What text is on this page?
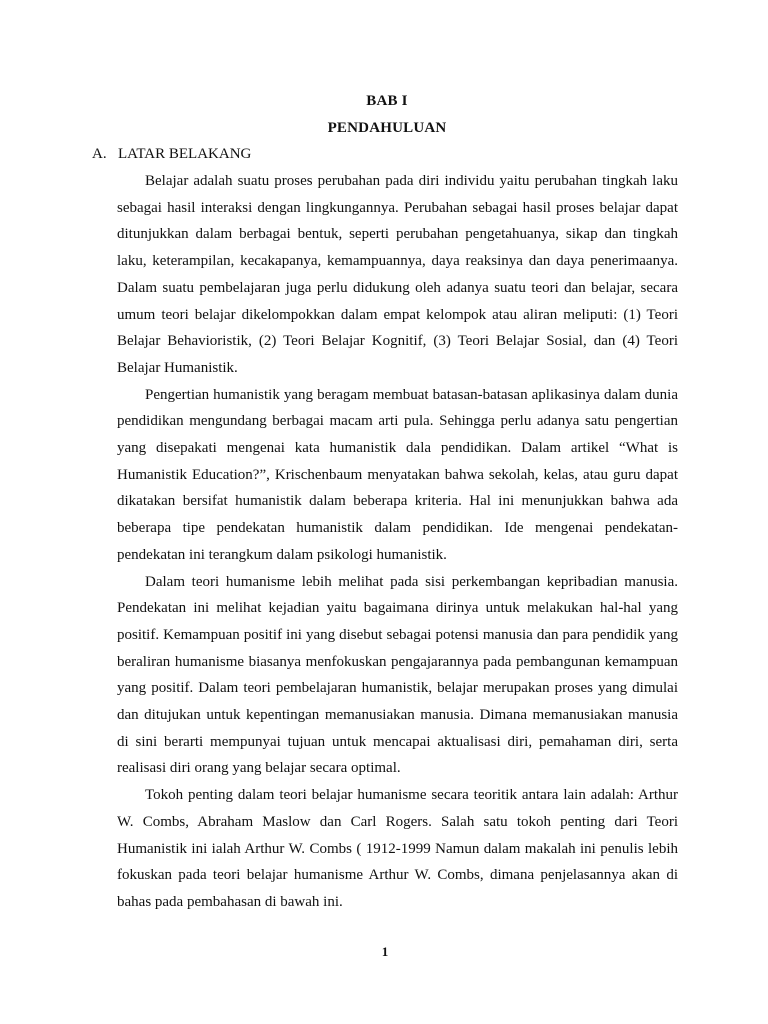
BAB I
PENDAHULUAN
A. LATAR BELAKANG

Belajar adalah suatu proses perubahan pada diri individu yaitu perubahan tingkah laku sebagai hasil interaksi dengan lingkungannya. Perubahan sebagai hasil proses belajar dapat ditunjukkan dalam berbagai bentuk, seperti perubahan pengetahuanya, sikap dan tingkah laku, keterampilan, kecakapanya, kemampuannya, daya reaksinya dan daya penerimaanya. Dalam suatu pembelajaran juga perlu didukung oleh adanya suatu teori dan belajar, secara umum teori belajar dikelompokkan dalam empat kelompok atau aliran meliputi: (1) Teori Belajar Behavioristik, (2) Teori Belajar Kognitif, (3) Teori Belajar Sosial, dan (4) Teori Belajar Humanistik.

Pengertian humanistik yang beragam membuat batasan-batasan aplikasinya dalam dunia pendidikan mengundang berbagai macam arti pula. Sehingga perlu adanya satu pengertian yang disepakati mengenai kata humanistik dala pendidikan. Dalam artikel “What is Humanistik Education?”, Krischenbaum menyatakan bahwa sekolah, kelas, atau guru dapat dikatakan bersifat humanistik dalam beberapa kriteria. Hal ini menunjukkan bahwa ada beberapa tipe pendekatan humanistik dalam pendidikan. Ide mengenai pendekatan-pendekatan ini terangkum dalam psikologi humanistik.

Dalam teori humanisme lebih melihat pada sisi perkembangan kepribadian manusia. Pendekatan ini melihat kejadian yaitu bagaimana dirinya untuk melakukan hal-hal yang positif. Kemampuan positif ini yang disebut sebagai potensi manusia dan para pendidik yang beraliran humanisme biasanya menfokuskan pengajarannya pada pembangunan kemampuan yang positif. Dalam teori pembelajaran humanistik, belajar merupakan proses yang dimulai dan ditujukan untuk kepentingan memanusiakan manusia. Dimana memanusiakan manusia di sini berarti mempunyai tujuan untuk mencapai aktualisasi diri, pemahaman diri, serta realisasi diri orang yang belajar secara optimal.

Tokoh penting dalam teori belajar humanisme secara teoritik antara lain adalah: Arthur W. Combs, Abraham Maslow dan Carl Rogers. Salah satu tokoh penting dari Teori Humanistik ini ialah Arthur W. Combs ( 1912-1999 Namun dalam makalah ini penulis lebih fokuskan pada teori belajar humanisme Arthur W. Combs, dimana penjelasannya akan di bahas pada pembahasan di bawah ini.

1
